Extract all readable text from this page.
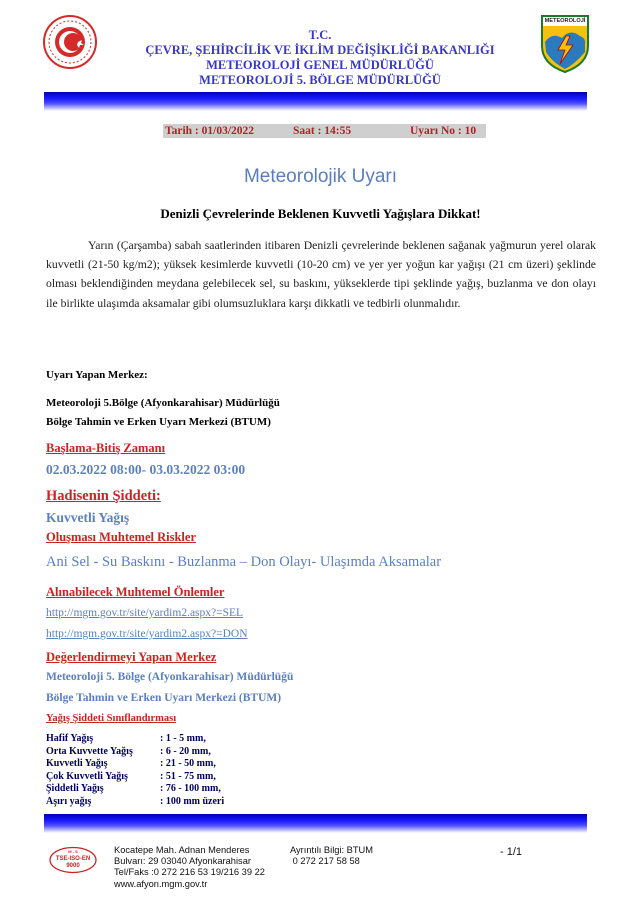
T.C.
ÇEVRE, ŞEHİRCİLİK VE İKLİM DEĞİŞİKLİĞİ BAKANLIĞI
METEOROLOJİ GENEL MÜDÜRLÜĞÜ
METEOROLOJİ 5. BÖLGE MÜDÜRLÜĞÜ
METEOROLOJİ
Tarih : 01/03/2022	Saat : 14:55	Uyarı No : 10
Meteorolojik Uyarı
Denizli Çevrelerinde Beklenen Kuvvetli Yağışlara Dikkat!
Yarın (Çarşamba) sabah saatlerinden itibaren Denizli çevrelerinde beklenen sağanak yağmurun yerel olarak kuvvetli (21-50 kg/m2); yüksek kesimlerde kuvvetli (10-20 cm) ve yer yer yoğun kar yağışı (21 cm üzeri) şeklinde olması beklendiğinden meydana gelebilecek sel, su baskını, yükseklerde tipi şeklinde yağış, buzlanma ve don olayı ile birlikte ulaşımda aksamalar gibi olumsuzluklara karşı dikkatli ve tedbirli olunmalıdır.
Uyarı Yapan Merkez:
Meteoroloji 5.Bölge (Afyonkarahisar) Müdürlüğü
Bölge Tahmin ve Erken Uyarı Merkezi (BTUM)
Başlama-Bitiş Zamanı
02.03.2022 08:00- 03.03.2022 03:00
Hadisenin Şiddeti:
Kuvvetli Yağış
Oluşması Muhtemel Riskler
Ani Sel - Su Baskını - Buzlanma – Don Olayı- Ulaşımda Aksamalar
Alınabilecek Muhtemel Önlemler
http://mgm.gov.tr/site/yardim2.aspx?=SEL
http://mgm.gov.tr/site/yardim2.aspx?=DON
Değerlendirmeyi Yapan Merkez
Meteoroloji 5. Bölge (Afyonkarahisar) Müdürlüğü
Bölge Tahmin ve Erken Uyarı Merkezi (BTUM)
Yağış Şiddeti Sınıflandırması
Hafif Yağış	: 1 - 5 mm,
Orta Kuvvette Yağış	: 6 - 20 mm,
Kuvvetli Yağış	: 21 - 50 mm,
Çok Kuvvetli Yağış	: 51 - 75 mm,
Şiddetli Yağış	: 76 - 100 mm,
Aşırı yağış	: 100 mm üzeri
M - S
TSE-ISO-EN
9000
Kocatepe Mah. Adnan Menderes
Bulvarı: 29 03040 Afyonkarahisar
Tel/Faks :0 272 216 53 19/216 39 22
www.afyon.mgm.gov.tr
Ayrıntılı Bilgi: BTUM
0 272 217 58 58
- 1/1
